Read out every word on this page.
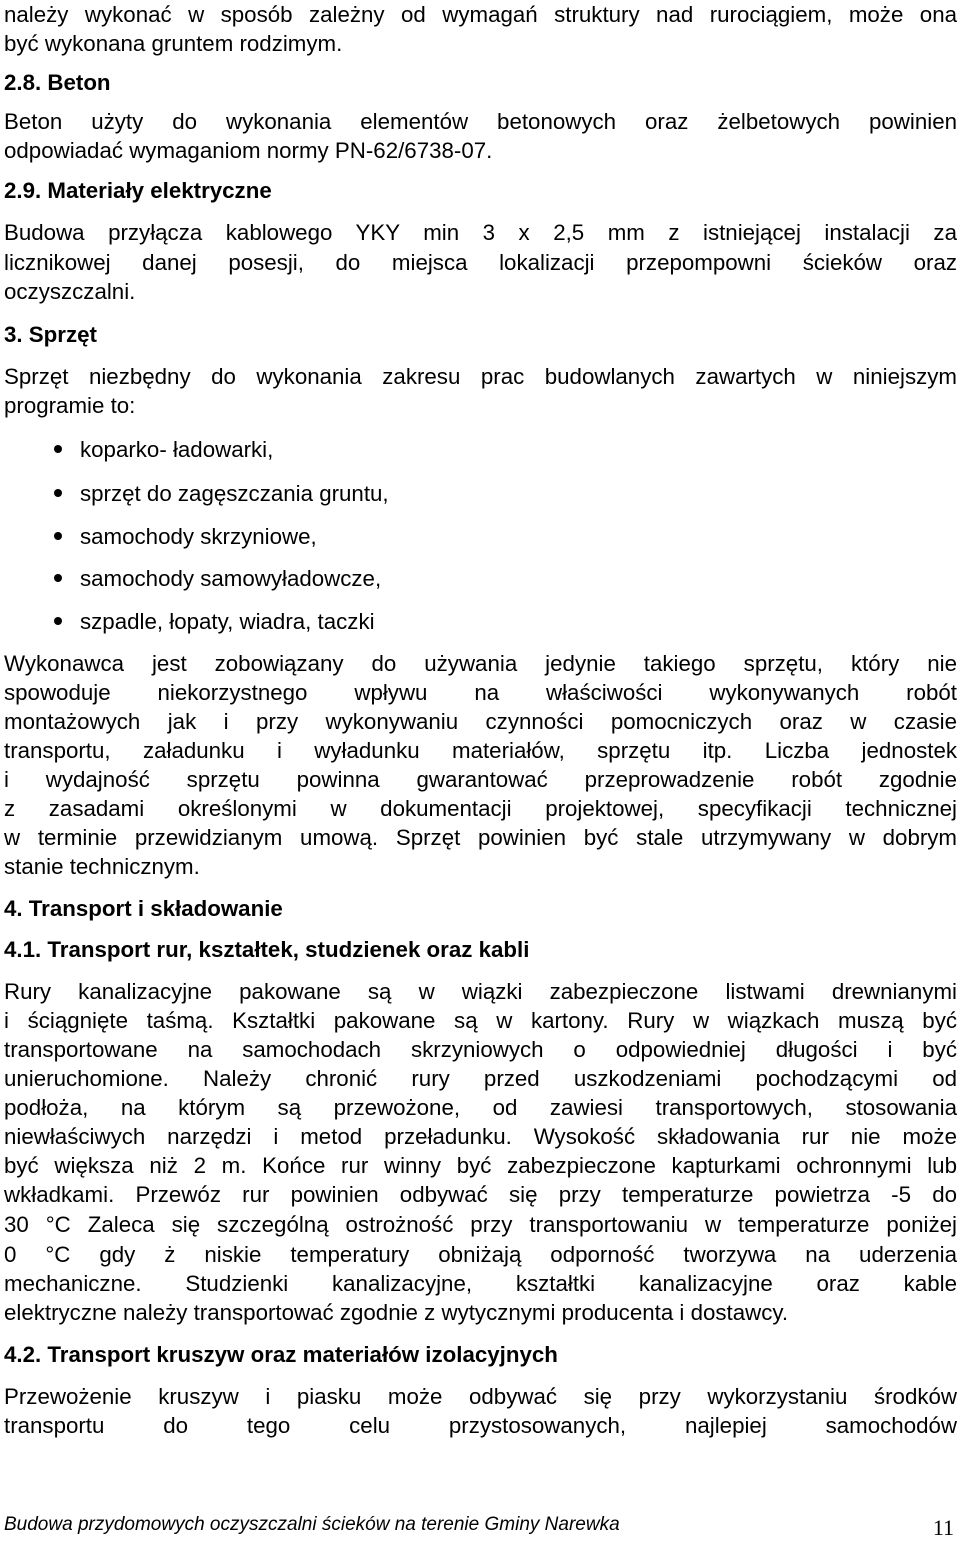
należy wykonać w sposób zależny od wymagań struktury nad rurociągiem, może ona
być wykonana gruntem rodzimym.
2.8. Beton
Beton użyty do wykonania elementów betonowych oraz żelbetowych powinien
odpowiadać wymaganiom normy PN-62/6738-07.
2.9. Materiały elektryczne
Budowa przyłącza kablowego YKY min 3 x 2,5 mm z istniejącej instalacji za
licznikowej danej posesji, do miejsca lokalizacji przepompowni ścieków oraz
oczyszczalni.
3. Sprzęt
Sprzęt niezbędny do wykonania zakresu prac budowlanych zawartych w niniejszym
programie to:
koparko- ładowarki,
sprzęt do zagęszczania gruntu,
samochody skrzyniowe,
samochody samowyładowcze,
szpadle, łopaty, wiadra, taczki
Wykonawca jest zobowiązany do używania jedynie takiego sprzętu, który nie
spowoduje niekorzystnego wpływu na właściwości wykonywanych robót
montażowych jak i przy wykonywaniu czynności pomocniczych oraz w czasie
transportu, załadunku i wyładunku materiałów, sprzętu itp. Liczba jednostek
i wydajność sprzętu powinna gwarantować przeprowadzenie robót zgodnie
z zasadami określonymi w dokumentacji projektowej, specyfikacji technicznej
w terminie przewidzianym umową. Sprzęt powinien być stale utrzymywany w dobrym
stanie technicznym.
4. Transport i składowanie
4.1. Transport rur, kształtek, studzienek oraz kabli
Rury kanalizacyjne pakowane są w wiązki zabezpieczone listwami drewnianymi
i ściągnięte taśmą. Kształtki pakowane są w kartony. Rury w wiązkach muszą być
transportowane na samochodach skrzyniowych o odpowiedniej długości i być
unieruchomione. Należy chronić rury przed uszkodzeniami pochodzącymi od
podłoża, na którym są przewożone, od zawiesi transportowych, stosowania
niewłaściwych narzędzi i metod przeładunku. Wysokość składowania rur nie może
być większa niż 2 m. Końce rur winny być zabezpieczone kapturkami ochronnymi lub
wkładkami. Przewóz rur powinien odbywać się przy temperaturze powietrza -5 do
30 °C Zaleca się szczególną ostrożność przy transportowaniu w temperaturze poniżej
0 °C gdy ż niskie temperatury obniżają odporność tworzywa na uderzenia
mechaniczne. Studzienki kanalizacyjne, kształtki kanalizacyjne oraz kable
elektryczne należy transportować zgodnie z wytycznymi producenta i dostawcy.
4.2. Transport kruszyw oraz materiałów izolacyjnych
Przewożenie kruszyw i piasku może odbywać się przy wykorzystaniu środków
transportu do tego celu przystosowanych, najlepiej samochodów
Budowa przydomowych oczyszczalni ścieków na terenie Gminy Narewka	11
